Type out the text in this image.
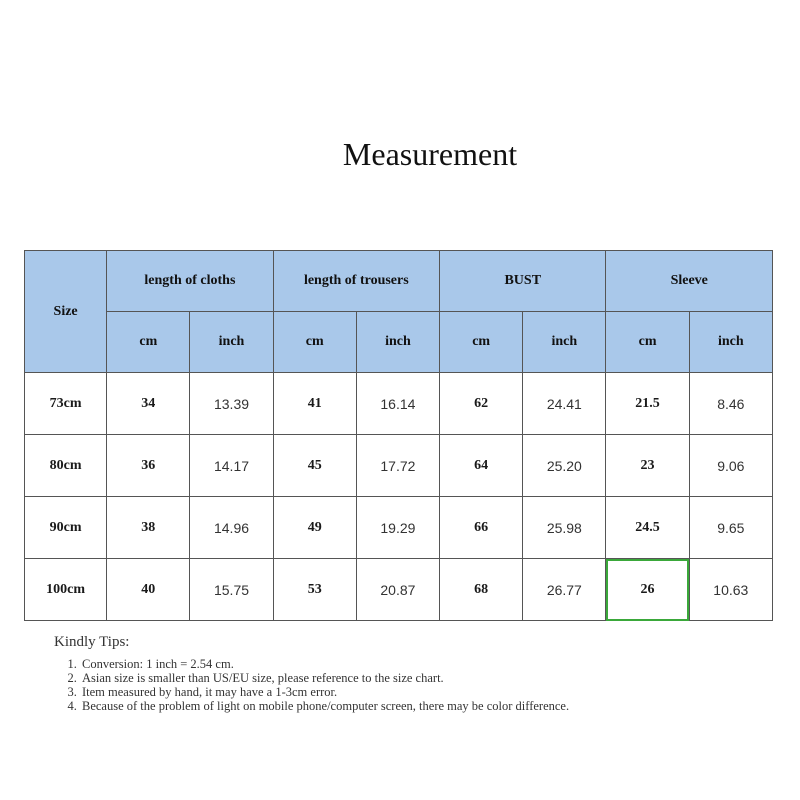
Measurement
Size	length of cloths		length of trousers		BUST		Sleeve	
	cm	inch	cm	inch	cm	inch	cm	inch
73cm	34	13.39	41	16.14	62	24.41	21.5	8.46
80cm	36	14.17	45	17.72	64	25.20	23	9.06
90cm	38	14.96	49	19.29	66	25.98	24.5	9.65
100cm	40	15.75	53	20.87	68	26.77	26	10.63
Kindly Tips:
1. Conversion: 1 inch = 2.54 cm.
2. Asian size is smaller than US/EU size, please reference to the size chart.
3. Item measured by hand, it may have a 1-3cm error.
4. Because of the problem of light on mobile phone/computer screen, there may be color difference.
